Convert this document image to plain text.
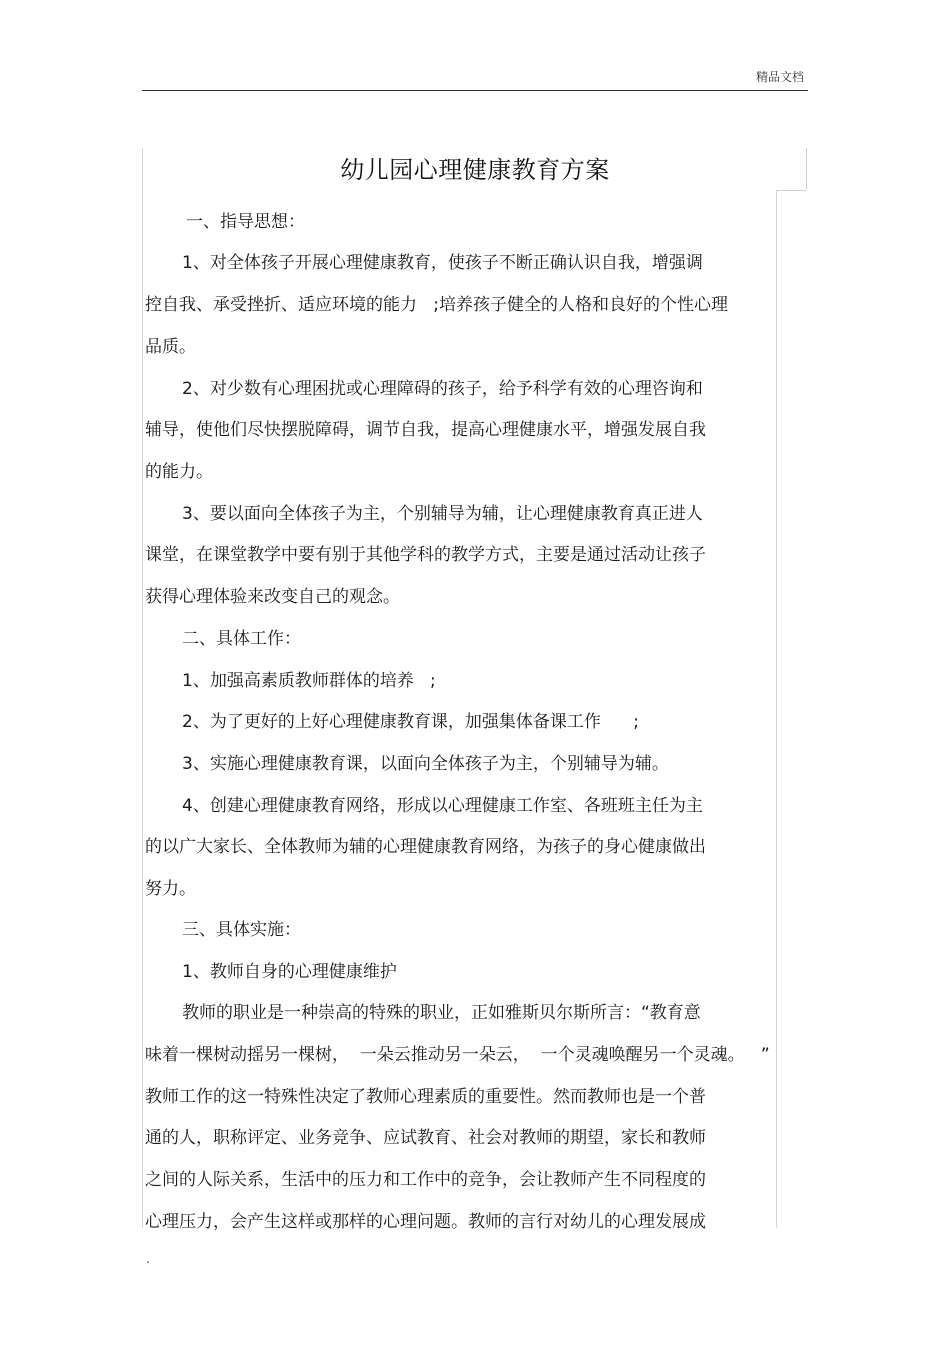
精品文档
幼儿园心理健康教育方案
一、指导思想：
1、对全体孩子开展心理健康教育，使孩子不断正确认识自我，增强调
控自我、承受挫折、适应环境的能力   ;培养孩子健全的人格和良好的个性心理
品质。
2、对少数有心理困扰或心理障碍的孩子，给予科学有效的心理咨询和
辅导，使他们尽快摆脱障碍，调节自我，提高心理健康水平，增强发展自我
的能力。
3、要以面向全体孩子为主，个别辅导为辅，让心理健康教育真正进人
课堂，在课堂教学中要有别于其他学科的教学方式，主要是通过活动让孩子
获得心理体验来改变自己的观念。
二、具体工作：
1、加强高素质教师群体的培养   ;
2、为了更好的上好心理健康教育课，加强集体备课工作      ;
3、实施心理健康教育课，以面向全体孩子为主，个别辅导为辅。
4、创建心理健康教育网络，形成以心理健康工作室、各班班主任为主
的以广大家长、全体教师为辅的心理健康教育网络，为孩子的身心健康做出
努力。
三、具体实施：
1、教师自身的心理健康维护
教师的职业是一种崇高的特殊的职业，正如雅斯贝尔斯所言：“教育意
味着一棵树动摇另一棵树，  一朵云推动另一朵云，  一个灵魂唤醒另一个灵魂。   ”
教师工作的这一特殊性决定了教师心理素质的重要性。然而教师也是一个普
通的人，职称评定、业务竞争、应试教育、社会对教师的期望，家长和教师
之间的人际关系，生活中的压力和工作中的竞争，会让教师产生不同程度的
心理压力，会产生这样或那样的心理问题。教师的言行对幼儿的心理发展成
.
